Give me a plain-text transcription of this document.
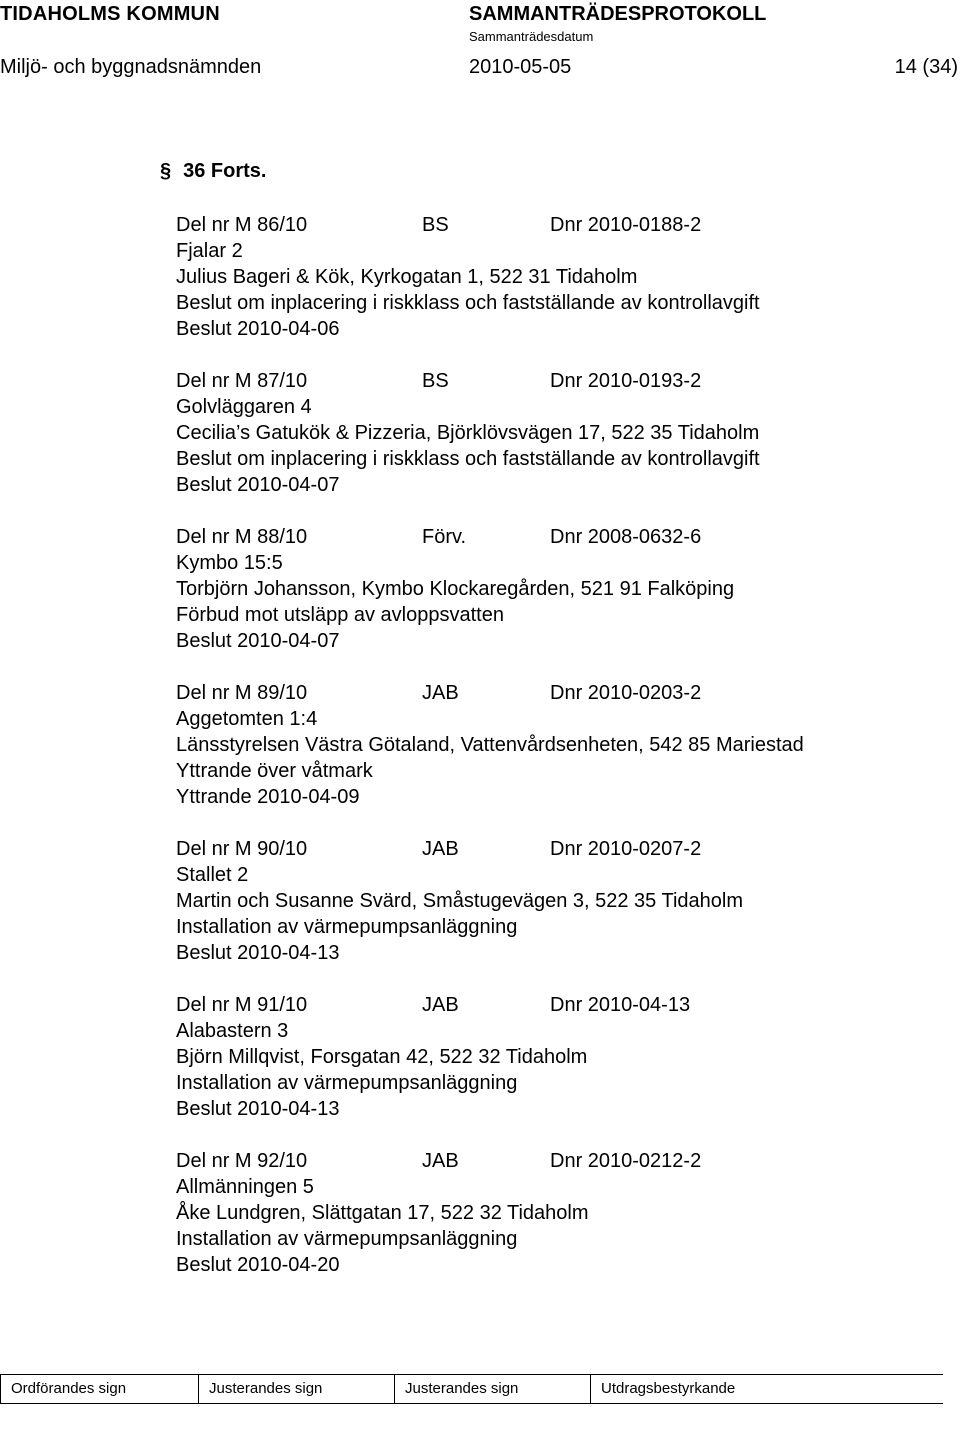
TIDAHOLMS KOMMUN	SAMMANTRÄDESPROTOKOLL
Sammanträdesdatum
Miljö- och byggnadsnämnden	2010-05-05	14 (34)
§ 36 Forts.
Del nr M 86/10	BS	Dnr 2010-0188-2
Fjalar 2
Julius Bageri & Kök, Kyrkogatan 1, 522 31 Tidaholm
Beslut om inplacering i riskklass och fastställande av kontrollavgift
Beslut 2010-04-06
Del nr M 87/10	BS	Dnr 2010-0193-2
Golvläggaren 4
Cecilia’s Gatukök & Pizzeria, Björklövsvägen 17, 522 35 Tidaholm
Beslut om inplacering i riskklass och fastställande av kontrollavgift
Beslut 2010-04-07
Del nr M 88/10	Förv.	Dnr 2008-0632-6
Kymbo 15:5
Torbjörn Johansson, Kymbo Klockaregården, 521 91 Falköping
Förbud mot utsläpp av avloppsvatten
Beslut 2010-04-07
Del nr M 89/10	JAB	Dnr 2010-0203-2
Aggetomten 1:4
Länsstyrelsen Västra Götaland, Vattenvårdsenheten, 542 85 Mariestad
Yttrande över våtmark
Yttrande 2010-04-09
Del nr M 90/10	JAB	Dnr 2010-0207-2
Stallet 2
Martin och Susanne Svärd, Småstugevägen 3, 522 35 Tidaholm
Installation av värmepumpsanläggning
Beslut 2010-04-13
Del nr M 91/10	JAB	Dnr 2010-04-13
Alabastern 3
Björn Millqvist, Forsgatan 42, 522 32 Tidaholm
Installation av värmepumpsanläggning
Beslut 2010-04-13
Del nr M 92/10	JAB	Dnr 2010-0212-2
Allmänningen 5
Åke Lundgren, Slättgatan 17, 522 32 Tidaholm
Installation av värmepumpsanläggning
Beslut 2010-04-20
Ordförandes sign	Justerandes sign	Justerandes sign	Utdragsbestyrkande
